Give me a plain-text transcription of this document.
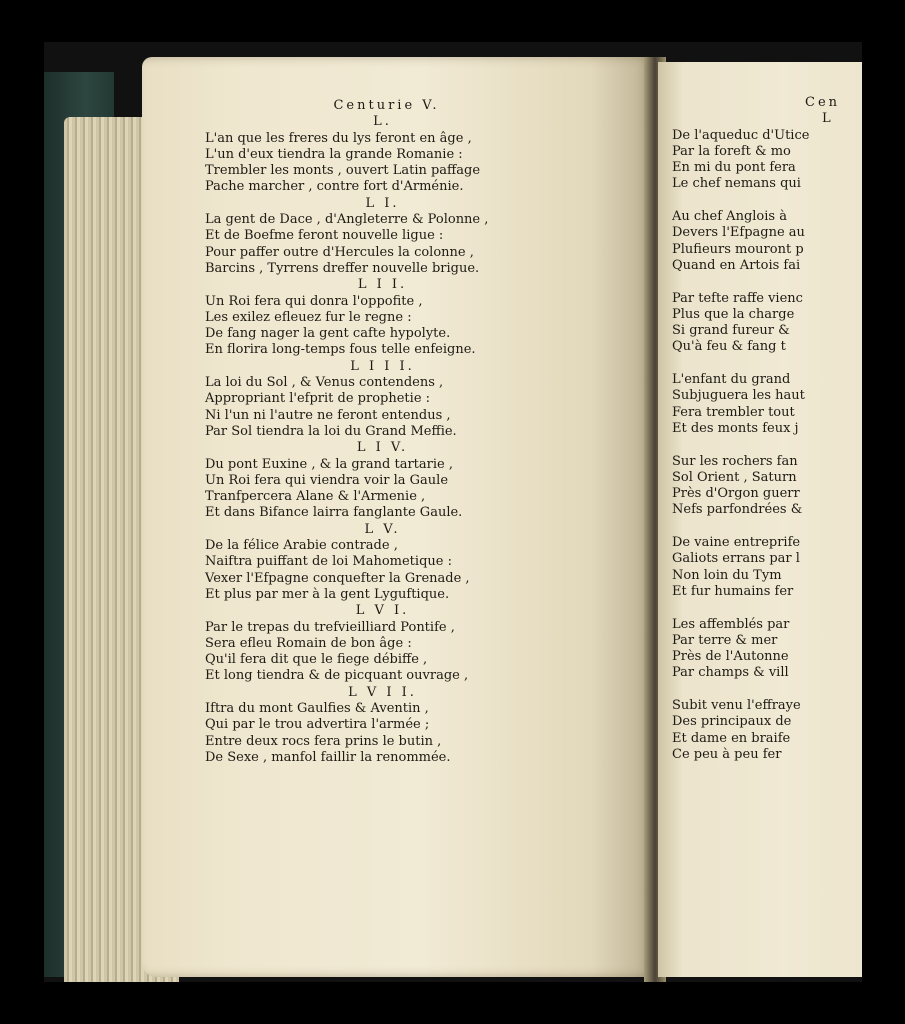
Centurie V.
L.
L'an que les freres du lys feront en âge ,
L'un d'eux tiendra la grande Romanie :
Trembler les monts , ouvert Latin paffage
Pache marcher , contre fort d'Arménie.
L I.
La gent de Dace , d'Angleterre & Polonne ,
Et de Boefme feront nouvelle ligue :
Pour paffer outre d'Hercules la colonne ,
Barcins , Tyrrens dreffer nouvelle brigue.
L I I.
Un Roi fera qui donra l'oppofite ,
Les exilez efleuez fur le regne :
De fang nager la gent cafte hypolyte.
En florira long-temps fous telle enfeigne.
L I I I.
La loi du Sol , & Venus contendens ,
Appropriant l'efprit de prophetie :
Ni l'un ni l'autre ne feront entendus ,
Par Sol tiendra la loi du Grand Meffie.
L I V.
Du pont Euxine , & la grand tartarie ,
Un Roi fera qui viendra voir la Gaule
Tranfpercera Alane & l'Armenie ,
Et dans Bifance lairra fanglante Gaule.
L V.
De la félice Arabie contrade ,
Naiftra puiffant de loi Mahometique :
Vexer l'Efpagne conquefter la Grenade ,
Et plus par mer à la gent Lyguftique.
L V I.
Par le trepas du trefvieilliard Pontife ,
Sera efleu Romain de bon âge :
Qu'il fera dit que le fiege débiffe ,
Et long tiendra & de picquant ouvrage ,
L V I I.
Iftra du mont Gaulfies & Aventin ,
Qui par le trou advertira l'armée ;
Entre deux rocs fera prins le butin ,
De Sexe , manfol faillir la renommée.
Cen
L
De l'aqueduc d'Utice
Par la foreft & mo
En mi du pont fera
Le chef nemans qui
Au chef Anglois à
Devers l'Efpagne au
Plufieurs mouront p
Quand en Artois fai
Par tefte raffe vienc
Plus que la charge
Si grand fureur &
Qu'à feu & fang t
L'enfant du grand
Subjuguera les haut
Fera trembler tout
Et des monts feux j
Sur les rochers fan
Sol Orient , Saturn
Près d'Orgon guerr
Nefs parfondrées &
De vaine entreprife
Galiots errans par l
Non loin du Tym
Et fur humains fer
Les affemblés par
Par terre & mer
Près de l'Autonne
Par champs & vill
Subit venu l'effraye
Des principaux de
Et dame en braife
Ce peu à peu fer
